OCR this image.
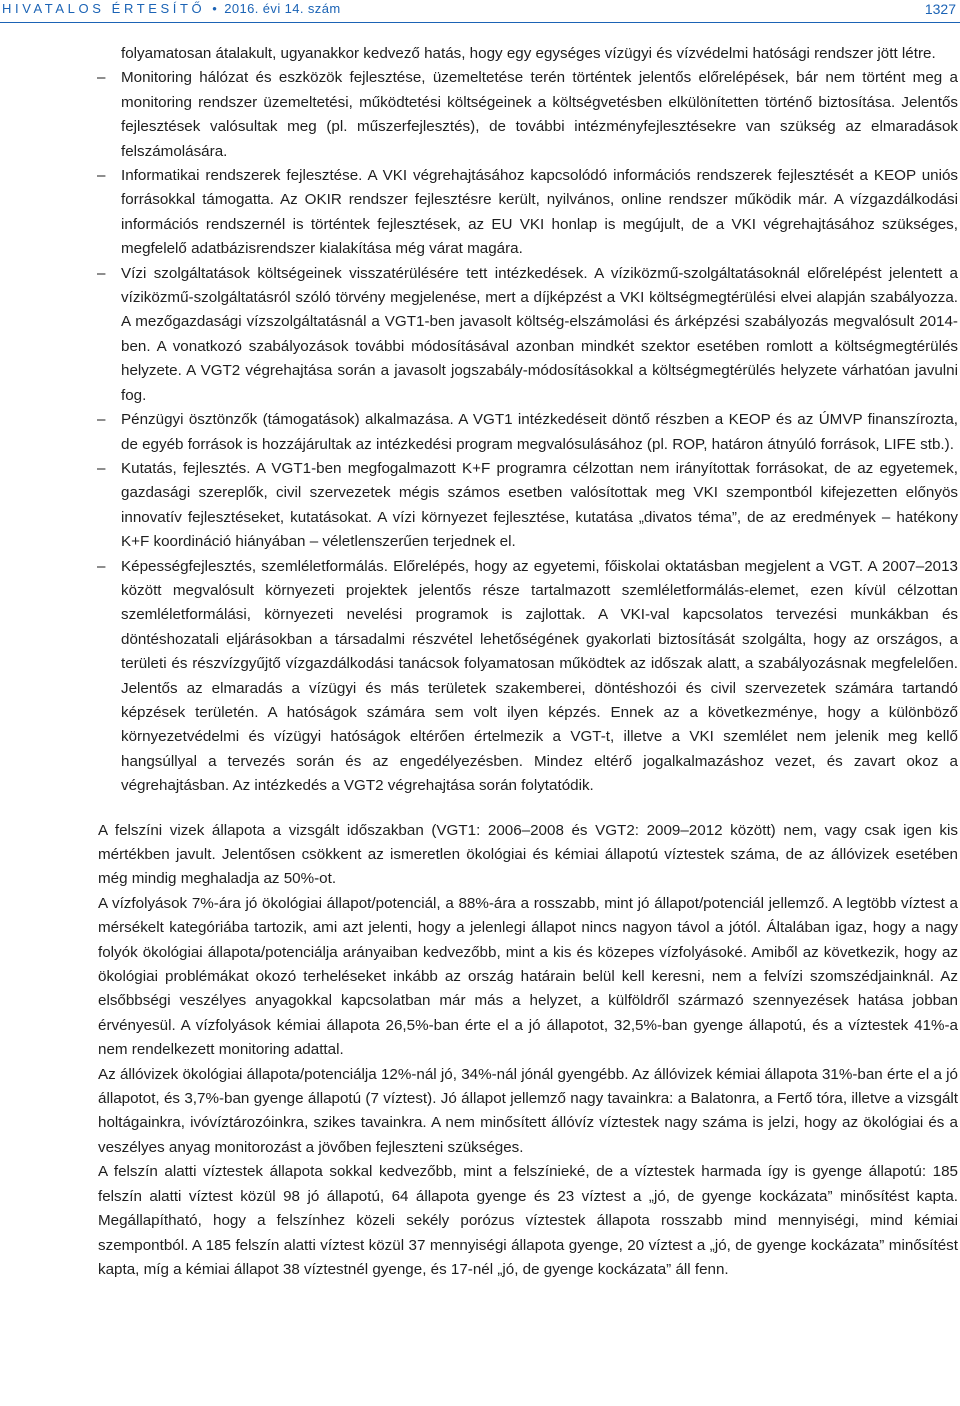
HIVATALOS ÉRTESÍTŐ • 2016. évi 14. szám	1327
folyamatosan átalakult, ugyanakkor kedvező hatás, hogy egy egységes vízügyi és vízvédelmi hatósági rendszer jött létre.
– Monitoring hálózat és eszközök fejlesztése, üzemeltetése terén történtek jelentős előrelépések, bár nem történt meg a monitoring rendszer üzemeltetési, működtetési költségeinek a költségvetésben elkülönítetten történő biztosítása. Jelentős fejlesztések valósultak meg (pl. műszerfejlesztés), de további intézményfejlesztésekre van szükség az elmaradások felszámolására.
– Informatikai rendszerek fejlesztése. A VKI végrehajtásához kapcsolódó információs rendszerek fejlesztését a KEOP uniós forrásokkal támogatta. Az OKIR rendszer fejlesztésre került, nyilvános, online rendszer működik már. A vízgazdálkodási információs rendszernél is történtek fejlesztések, az EU VKI honlap is megújult, de a VKI végrehajtásához szükséges, megfelelő adatbázisrendszer kialakítása még várat magára.
– Vízi szolgáltatások költségeinek visszatérülésére tett intézkedések. A víziközmű-szolgáltatásoknál előrelépést jelentett a víziközmű-szolgáltatásról szóló törvény megjelenése, mert a díjképzést a VKI költségmegtérülési elvei alapján szabályozza. A mezőgazdasági vízszolgáltatásnál a VGT1-ben javasolt költség-elszámolási és árképzési szabályozás megvalósult 2014-ben. A vonatkozó szabályozások további módosításával azonban mindkét szektor esetében romlott a költségmegtérülés helyzete. A VGT2 végrehajtása során a javasolt jogszabály-módosításokkal a költségmegtérülés helyzete várhatóan javulni fog.
– Pénzügyi ösztönzők (támogatások) alkalmazása. A VGT1 intézkedéseit döntő részben a KEOP és az ÚMVP finanszírozta, de egyéb források is hozzájárultak az intézkedési program megvalósulásához (pl. ROP, határon átnyúló források, LIFE stb.).
– Kutatás, fejlesztés. A VGT1-ben megfogalmazott K+F programra célzottan nem irányítottak forrásokat, de az egyetemek, gazdasági szereplők, civil szervezetek mégis számos esetben valósítottak meg VKI szempontból kifejezetten előnyös innovatív fejlesztéseket, kutatásokat. A vízi környezet fejlesztése, kutatása „divatos téma”, de az eredmények – hatékony K+F koordináció hiányában – véletlenszerűen terjednek el.
– Képességfejlesztés, szemléletformálás. Előrelépés, hogy az egyetemi, főiskolai oktatásban megjelent a VGT. A 2007–2013 között megvalósult környezeti projektek jelentős része tartalmazott szemléletformálás-elemet, ezen kívül célzottan szemléletformálási, környezeti nevelési programok is zajlottak. A VKI-val kapcsolatos tervezési munkákban és döntéshozatali eljárásokban a társadalmi részvétel lehetőségének gyakorlati biztosítását szolgálta, hogy az országos, a területi és részvízgyűjtő vízgazdálkodási tanácsok folyamatosan működtek az időszak alatt, a szabályozásnak megfelelően. Jelentős az elmaradás a vízügyi és más területek szakemberei, döntéshozói és civil szervezetek számára tartandó képzések területén. A hatóságok számára sem volt ilyen képzés. Ennek az a következménye, hogy a különböző környezetvédelmi és vízügyi hatóságok eltérően értelmezik a VGT-t, illetve a VKI szemlélet nem jelenik meg kellő hangsúllyal a tervezés során és az engedélyezésben. Mindez eltérő jogalkalmazáshoz vezet, és zavart okoz a végrehajtásban. Az intézkedés a VGT2 végrehajtása során folytatódik.

A felszíni vizek állapota a vizsgált időszakban (VGT1: 2006–2008 és VGT2: 2009–2012 között) nem, vagy csak igen kis mértékben javult. Jelentősen csökkent az ismeretlen ökológiai és kémiai állapotú víztestek száma, de az állóvizek esetében még mindig meghaladja az 50%-ot.

A vízfolyások 7%-ára jó ökológiai állapot/potenciál, a 88%-ára a rosszabb, mint jó állapot/potenciál jellemző. A legtöbb víztest a mérsékelt kategóriába tartozik, ami azt jelenti, hogy a jelenlegi állapot nincs nagyon távol a jótól. Általában igaz, hogy a nagy folyók ökológiai állapota/potenciálja arányaiban kedvezőbb, mint a kis és közepes vízfolyásoké. Amiből az következik, hogy az ökológiai problémákat okozó terheléseket inkább az ország határain belül kell keresni, nem a felvízi szomszédjainknál. Az elsőbbségi veszélyes anyagokkal kapcsolatban már más a helyzet, a külföldről származó szennyezések hatása jobban érvényesül. A vízfolyások kémiai állapota 26,5%-ban érte el a jó állapotot, 32,5%-ban gyenge állapotú, és a víztestek 41%-a nem rendelkezett monitoring adattal.

Az állóvizek ökológiai állapota/potenciálja 12%-nál jó, 34%-nál jónál gyengébb. Az állóvizek kémiai állapota 31%-ban érte el a jó állapotot, és 3,7%-ban gyenge állapotú (7 víztest). Jó állapot jellemző nagy tavainkra: a Balatonra, a Fertő tóra, illetve a vizsgált holtágainkra, ivóvíztározóinkra, szikes tavainkra. A nem minősített állóvíz víztestek nagy száma is jelzi, hogy az ökológiai és a veszélyes anyag monitorozást a jövőben fejleszteni szükséges.

A felszín alatti víztestek állapota sokkal kedvezőbb, mint a felszínieké, de a víztestek harmada így is gyenge állapotú: 185 felszín alatti víztest közül 98 jó állapotú, 64 állapota gyenge és 23 víztest a „jó, de gyenge kockázata” minősítést kapta. Megállapítható, hogy a felszínhez közeli sekély porózus víztestek állapota rosszabb mind mennyiségi, mind kémiai szempontból. A 185 felszín alatti víztest közül 37 mennyiségi állapota gyenge, 20 víztest a „jó, de gyenge kockázata” minősítést kapta, míg a kémiai állapot 38 víztestnél gyenge, és 17-nél „jó, de gyenge kockázata” áll fenn.
